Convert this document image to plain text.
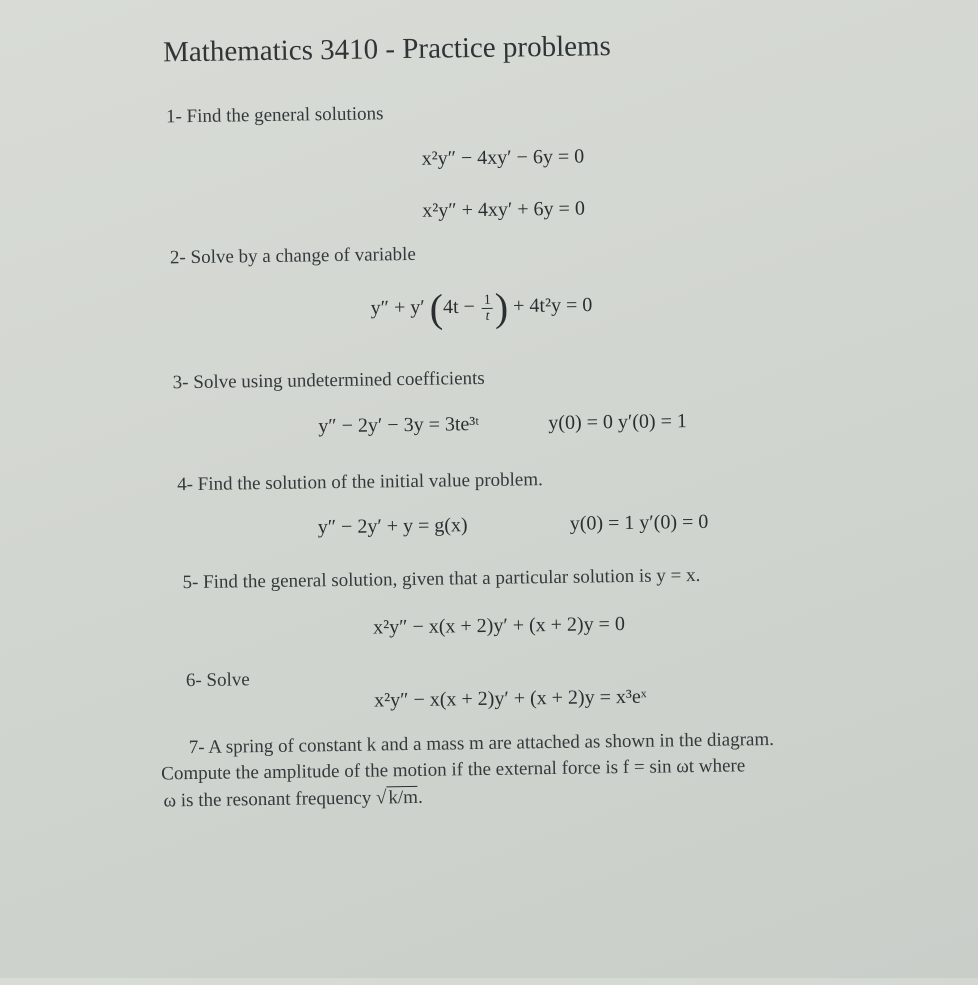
Mathematics 3410 - Practice problems
1- Find the general solutions
x²y″ − 4xy′ − 6y = 0
x²y″ + 4xy′ + 6y = 0
2- Solve by a change of variable
y″ + y′ ($4t - \frac{1}{t}$ ) + 4t²y = 0
3- Solve using undetermined coefficients
y″ − 2y′ − 3y = 3te³ᵗ	y(0) = 0 y′(0) = 1
4- Find the solution of the initial value problem.
y″ − 2y′ + y = g(x)	y(0) = 1 y′(0) = 0
5- Find the general solution, given that a particular solution is y = x.
x²y″ − x(x + 2)y′ + (x + 2)y = 0
6- Solve
x²y″ − x(x + 2)y′ + (x + 2)y = x³eˣ
7- A spring of constant k and a mass m are attached as shown in the diagram.
Compute the amplitude of the motion if the external force is f = sin ωt where
ω is the resonant frequency √k/m.
